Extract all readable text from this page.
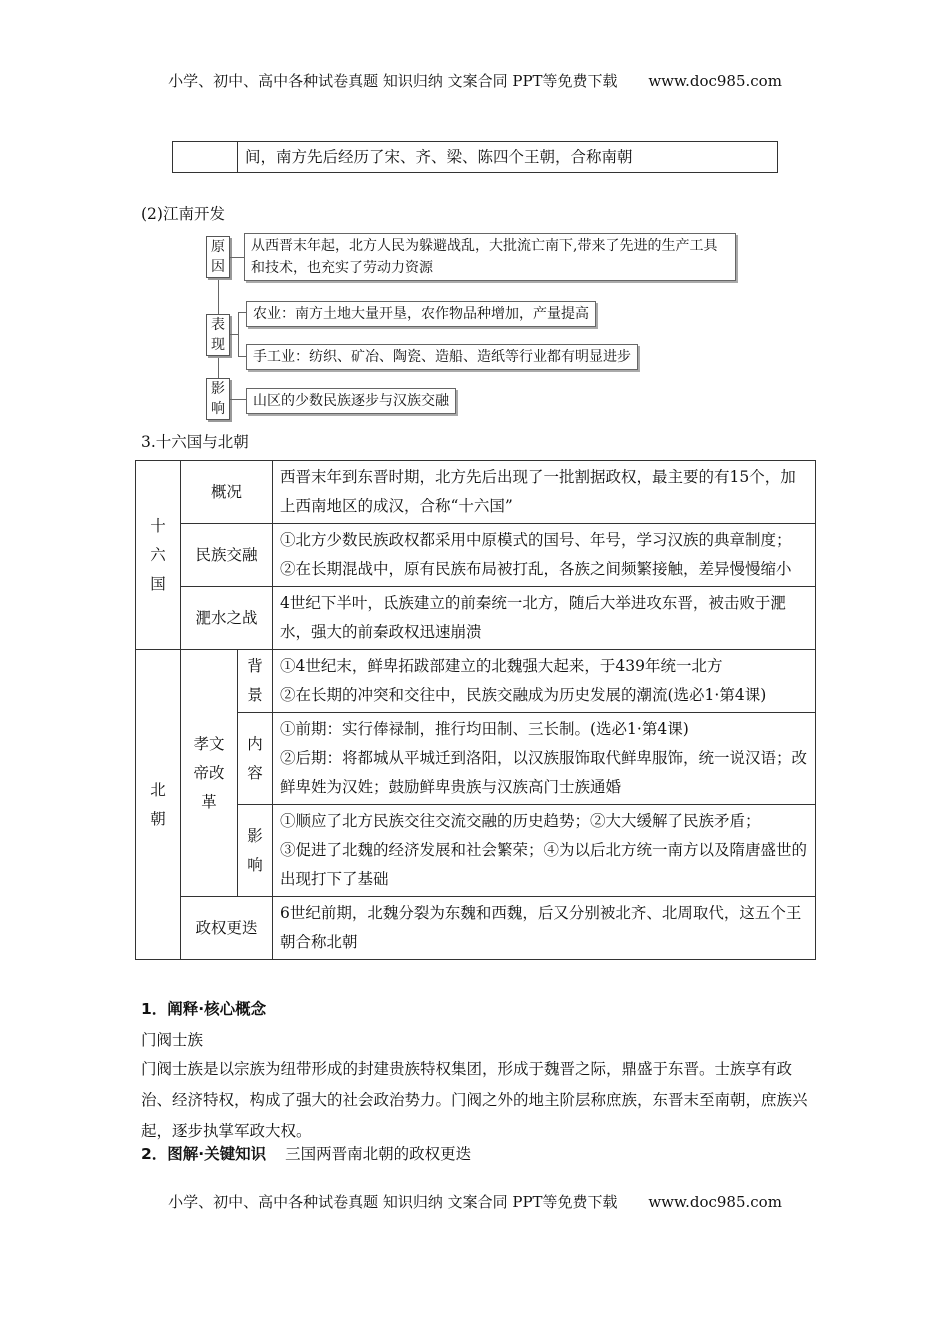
小学、初中、高中各种试卷真题 知识归纳 文案合同 PPT等免费下载 www.doc985.com
	间，南方先后经历了宋、齐、梁、陈四个王朝，合称南朝
(2)江南开发
原因
从西晋末年起，北方人民为躲避战乱，大批流亡南下,带来了先进的生产工具和技术，也充实了劳动力资源
表现
农业：南方土地大量开垦，农作物品种增加，产量提高
手工业：纺织、矿冶、陶瓷、造船、造纸等行业都有明显进步
影响	山区的少数民族逐步与汉族交融
3.十六国与北朝
十六国	概况		西晋末年到东晋时期，北方先后出现了一批割据政权，最主要的有15个，加上西南地区的成汉，合称“十六国”
	民族交融		①北方少数民族政权都采用中原模式的国号、年号，学习汉族的典章制度；
②在长期混战中，原有民族布局被打乱，各族之间频繁接触，差异慢慢缩小

	淝水之战		4世纪下半叶，氐族建立的前秦统一北方，随后大举进攻东晋，被击败于淝水，强大的前秦政权迅速崩溃
北朝	孝文帝改革	背景	①4世纪末，鲜卑拓跋部建立的北魏强大起来，于439年统一北方
②在长期的冲突和交往中，民族交融成为历史发展的潮流(选必1·第4课)

		内容	①前期：实行俸禄制，推行均田制、三长制。(选必1·第4课)
②后期：将都城从平城迁到洛阳，以汉族服饰取代鲜卑服饰，统一说汉语；改鲜卑姓为汉姓；鼓励鲜卑贵族与汉族高门士族通婚

		影响	①顺应了北方民族交往交流交融的历史趋势；②大大缓解了民族矛盾；
③促进了北魏的经济发展和社会繁荣；④为以后北方统一南方以及隋唐盛世的出现打下了基础

	政权更迭		6世纪前期，北魏分裂为东魏和西魏，后又分别被北齐、北周取代，这五个王朝合称北朝
1．阐释·核心概念
门阀士族
门阀士族是以宗族为纽带形成的封建贵族特权集团，形成于魏晋之际，鼎盛于东晋。士族享有政治、经济特权，构成了强大的社会政治势力。门阀之外的地主阶层称庶族，东晋末至南朝，庶族兴起，逐步执掌军政大权。
2．图解·关键知识 三国两晋南北朝的政权更迭
小学、初中、高中各种试卷真题 知识归纳 文案合同 PPT等免费下载 www.doc985.com
